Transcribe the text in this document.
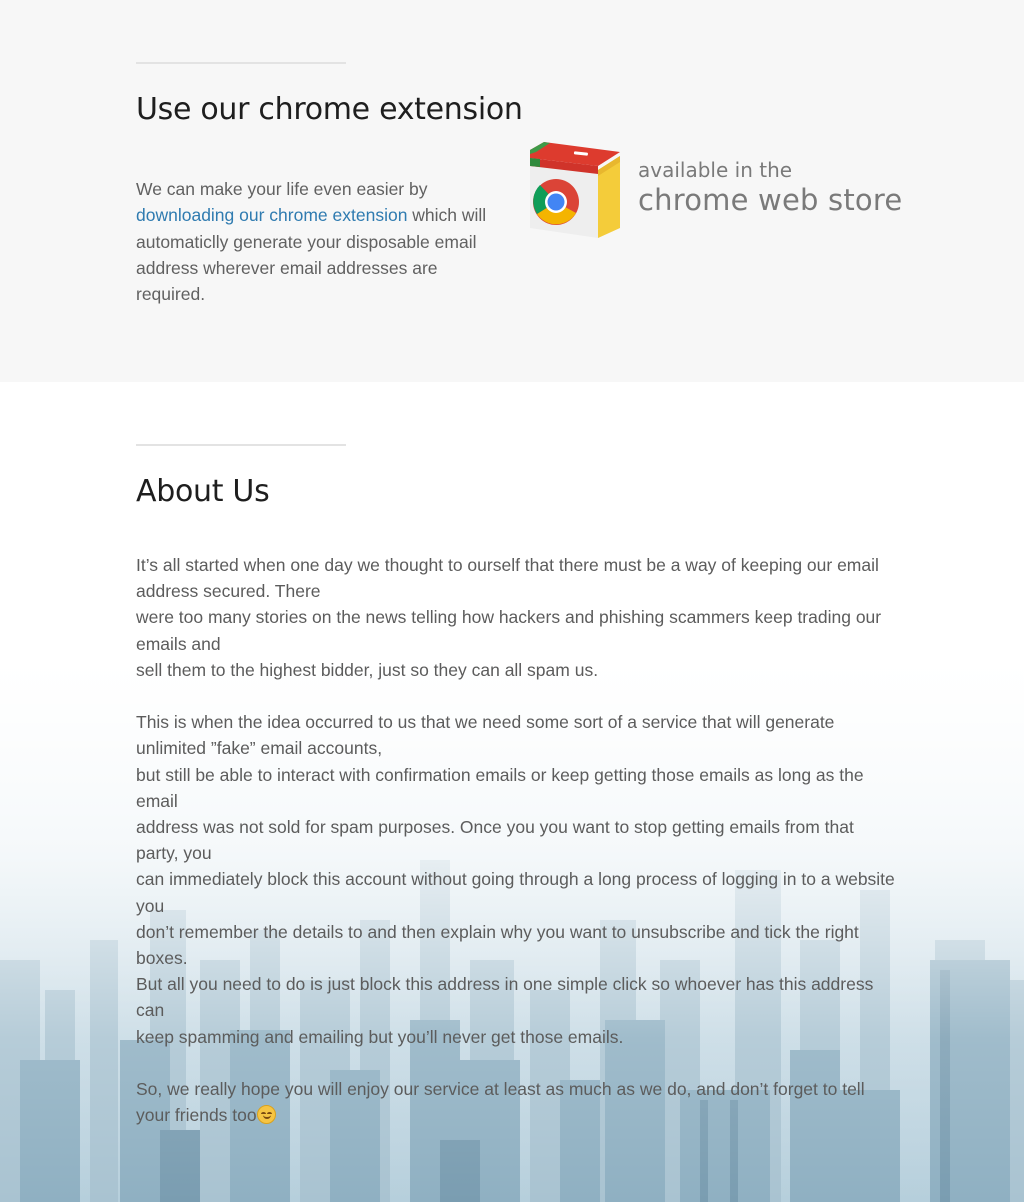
Use our chrome extension
We can make your life even easier by downloading our chrome extension which will automaticlly generate your disposable email address wherever email addresses are required.
available in the
chrome web store
About Us

It’s all started when one day we thought to ourself that there must be a way of keeping our email address secured. There
were too many stories on the news telling how hackers and phishing scammers keep trading our emails and
sell them to the highest bidder, just so they can all spam us.

This is when the idea occurred to us that we need some sort of a service that will generate unlimited ”fake” email accounts,
but still be able to interact with confirmation emails or keep getting those emails as long as the email
address was not sold for spam purposes. Once you you want to stop getting emails from that party, you
can immediately block this account without going through a long process of logging in to a website you
don’t remember the details to and then explain why you want to unsubscribe and tick the right boxes.
But all you need to do is just block this address in one simple click so whoever has this address can
keep spamming and emailing but you’ll never get those emails.

So, we really hope you will enjoy our service at least as much as we do, and don’t forget to tell your friends too
